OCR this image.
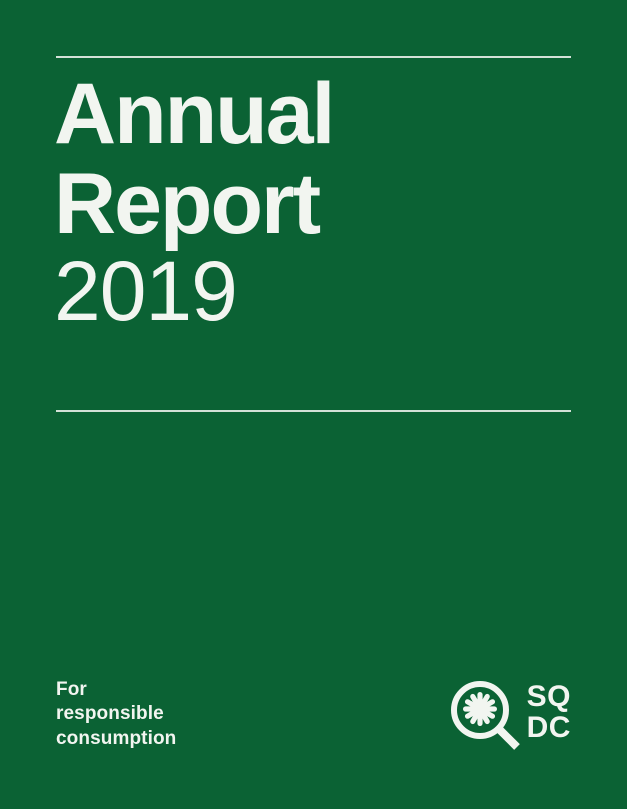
Annual
Report

2019

For
responsible
consumption
SQ
DC
